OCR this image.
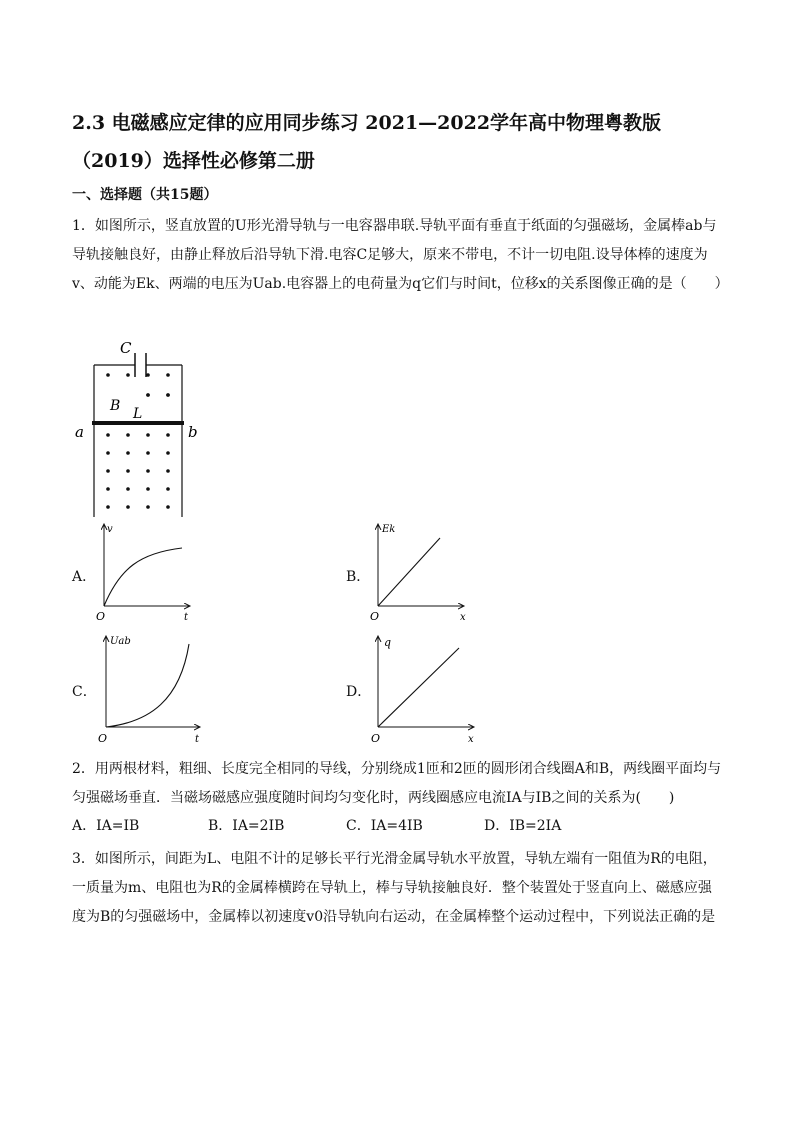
2.3 电磁感应定律的应用同步练习 2021—2022学年高中物理粤教版
（2019）选择性必修第二册
一、选择题（共15题）
1．如图所示，竖直放置的U形光滑导轨与一电容器串联.导轨平面有垂直于纸面的匀强磁场，金属棒ab与导轨接触良好，由静止释放后沿导轨下滑.电容C足够大，原来不带电，不计一切电阻.设导体棒的速度为v、动能为Ek、两端的电压为Uab.电容器上的电荷量为q它们与时间t，位移x的关系图像正确的是（　　）
C
B L
a	b
A．
v
t
O
B．
Ek
x
O
C．
Uab
t
O
D．
q
x
O
2．用两根材料，粗细、长度完全相同的导线，分别绕成1匝和2匝的圆形闭合线圈A和B，两线圈平面均与匀强磁场垂直．当磁场磁感应强度随时间均匀变化时，两线圈感应电流IA与IB之间的关系为(　　)
A．IA=IB	B．IA=2IB	C．IA=4IB	D．IB=2IA
3．如图所示，间距为L、电阻不计的足够长平行光滑金属导轨水平放置，导轨左端有一阻值为R的电阻，一质量为m、电阻也为R的金属棒横跨在导轨上，棒与导轨接触良好．整个装置处于竖直向上、磁感应强度为B的匀强磁场中，金属棒以初速度v0沿导轨向右运动，在金属棒整个运动过程中，下列说法正确的是
